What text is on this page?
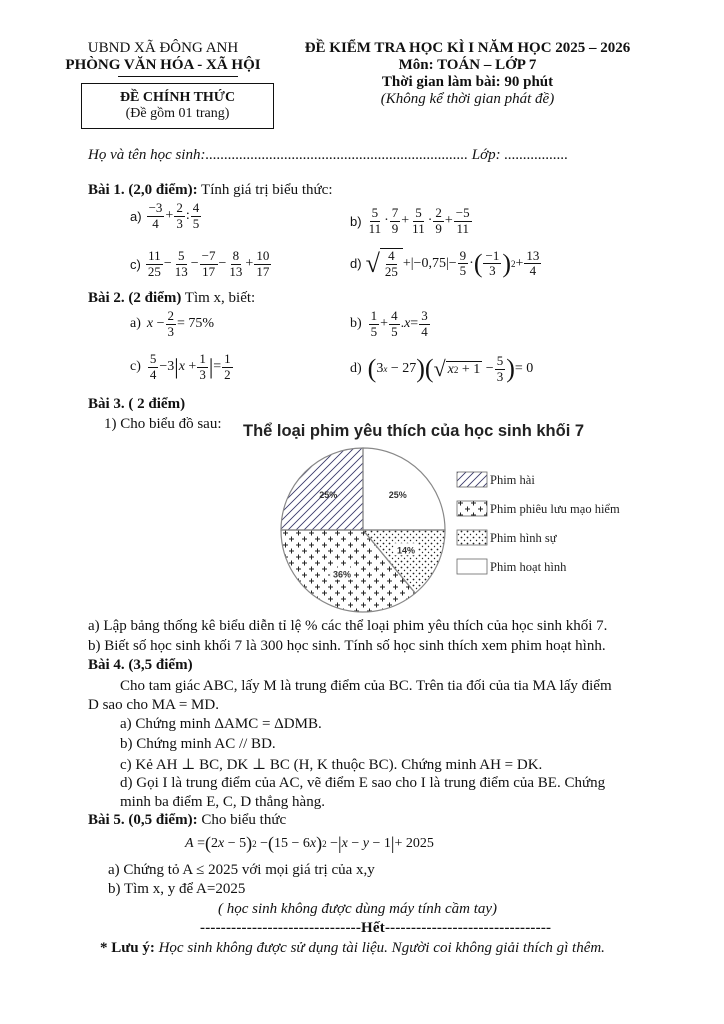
UBND XÃ ĐÔNG ANH
PHÒNG VĂN HÓA - XÃ HỘI
ĐỀ CHÍNH THỨC
(Đề gồm 01 trang)
ĐỀ KIỂM TRA HỌC KÌ I NĂM HỌC 2025 – 2026
Môn: TOÁN – LỚP 7
Thời gian làm bài: 90 phút
(Không kể thời gian phát đề)
Họ và tên học sinh:...................................................................... Lớp: .................
Bài 1. (2,0 điểm): Tính giá trị biểu thức:
$a) \frac{-3}{4} + \frac{2}{3}$ : $\frac{4}{5}$	$b) \frac{5}{11} \cdot \frac{7}{9} + \frac{5}{11} \cdot \frac{2}{9} + \frac{-5}{11}$
$c) \frac{11}{25} - \frac{5}{13} - \frac{-7}{17} - \frac{8}{13} + \frac{10}{17}$	d) √ $\frac{4}{25} +|-0,75|- \frac{9}{5}$ · ( $\frac{-1}{3}$ ) $2 + \frac{13}{4}$
Bài 2. (2 điểm) Tìm x, biết:
a) $x - \frac{2}{3} = 75\%$	$b) \frac{1}{5} + \frac{4}{5}$ . $x = \frac{3}{4}$
$c) \frac{5}{4} -3$ | $x + \frac{1}{3}$ | = $\frac{1}{2}$	d) ( 3 x − 27 ) ( √ x $2 + 1 - \frac{5}{3}$ ) = 0
Bài 3. ( 2 điểm)
1) Cho biểu đồ sau: Thể loại phim yêu thích của học sinh khối 7
25%
14%
36%
25%
Phim hài
Phim phiêu lưu mạo hiểm
Phim hình sự
Phim hoạt hình
a) Lập bảng thống kê biểu diễn tỉ lệ % các thể loại phim yêu thích của học sinh khối 7.
b) Biết số học sinh khối 7 là 300 học sinh. Tính số học sinh thích xem phim hoạt hình.
Bài 4. (3,5 điểm)
Cho tam giác ABC, lấy M là trung điểm của BC. Trên tia đối của tia MA lấy điểm
D sao cho MA = MD.
a) Chứng minh ΔAMC = ΔDMB.
b) Chứng minh AC // BD.
c) Kẻ AH ⊥ BC, DK ⊥ BC (H, K thuộc BC). Chứng minh AH = DK.
d) Gọi I là trung điểm của AC, vẽ điểm E sao cho I là trung điểm của BE. Chứng
minh ba điểm E, C, D thẳng hàng.
Bài 5. (0,5 điểm): Cho biểu thức
A = ( 2 x − 5 ) 2 − ( 15 − 6 x ) 2 − | x − y − 1 | + 2025
a) Chứng tỏ A ≤ 2025 với mọi giá trị của x,y
b) Tìm x, y để A=2025
( học sinh không được dùng máy tính cầm tay)
-------------------------------Hết--------------------------------
* Lưu ý: Học sinh không được sử dụng tài liệu. Người coi không giải thích gì thêm.
